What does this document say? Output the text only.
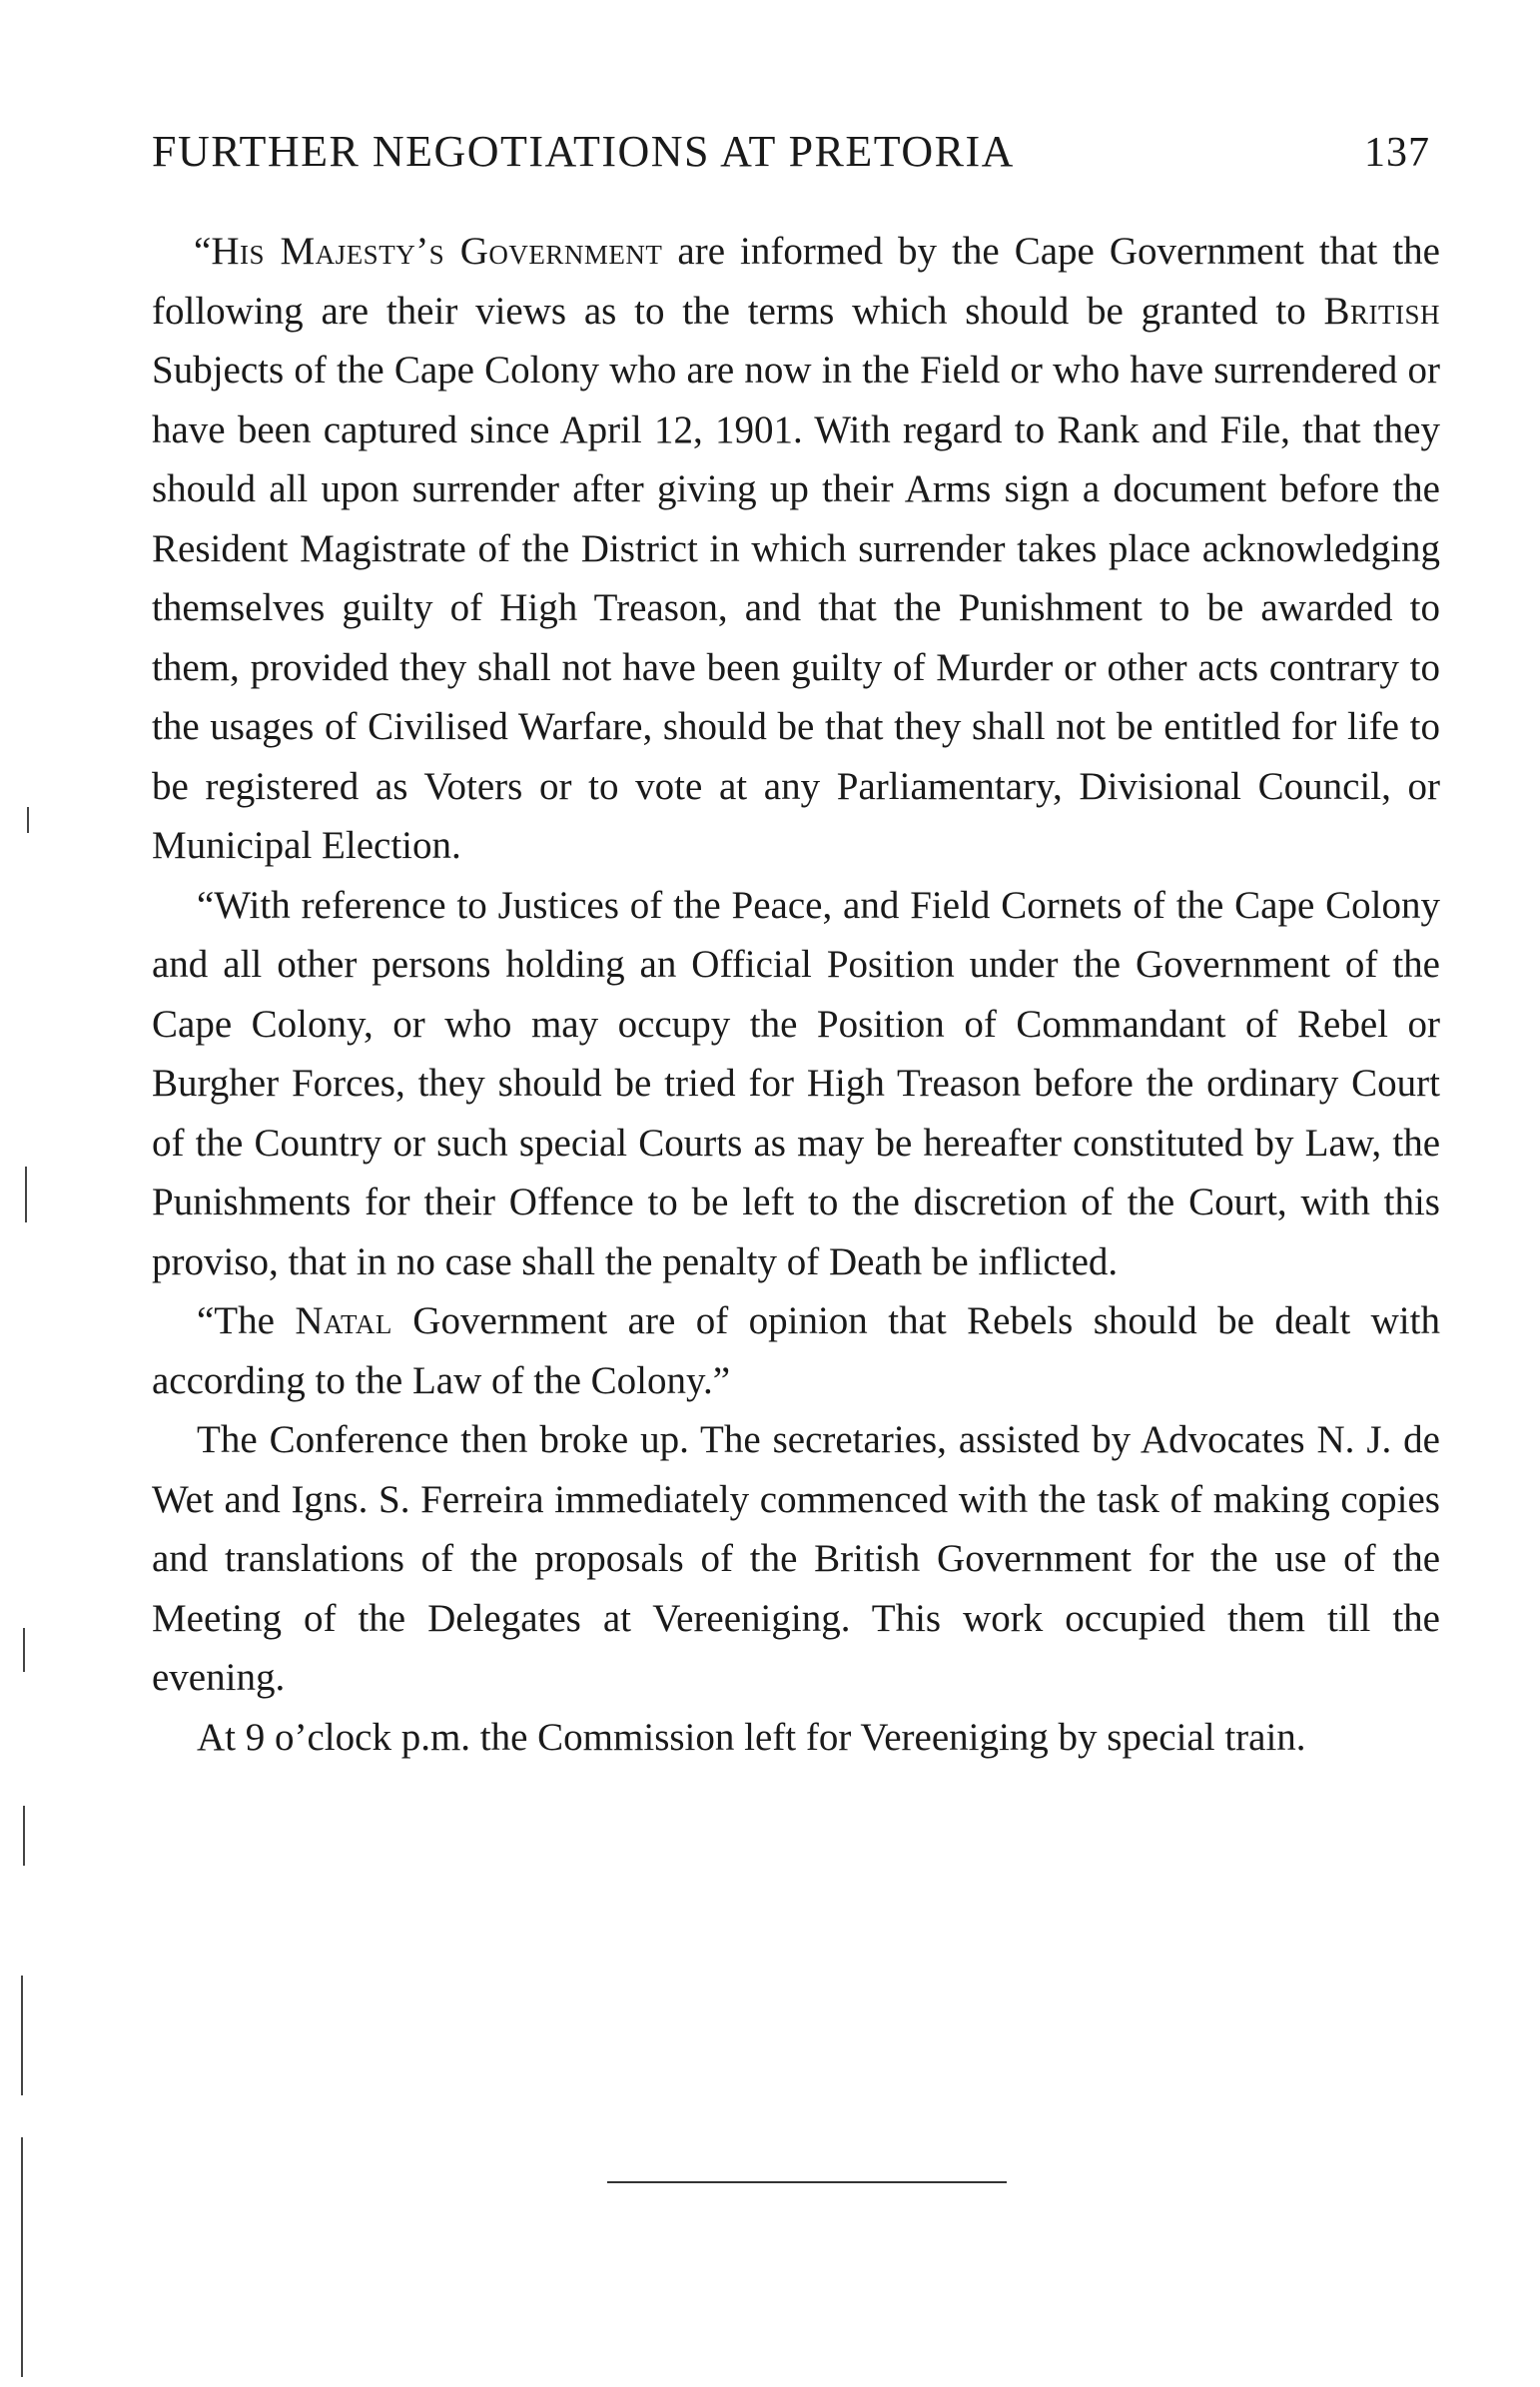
FURTHER NEGOTIATIONS AT PRETORIA	137

“His Majesty’s Government are informed by the Cape Government that the following are their views as to the terms which should be granted to British Subjects of the Cape Colony who are now in the Field or who have surrendered or have been captured since April 12, 1901. With regard to Rank and File, that they should all upon surrender after giving up their Arms sign a document before the Resident Magistrate of the District in which surrender takes place acknowledging themselves guilty of High Treason, and that the Punishment to be awarded to them, provided they shall not have been guilty of Murder or other acts contrary to the usages of Civilised Warfare, should be that they shall not be entitled for life to be registered as Voters or to vote at any Parliamentary, Divisional Council, or Municipal Election.

“With reference to Justices of the Peace, and Field Cornets of the Cape Colony and all other persons holding an Official Position under the Government of the Cape Colony, or who may occupy the Position of Commandant of Rebel or Burgher Forces, they should be tried for High Treason before the ordinary Court of the Country or such special Courts as may be hereafter constituted by Law, the Punishments for their Offence to be left to the discretion of the Court, with this proviso, that in no case shall the penalty of Death be inflicted.

“The Natal Government are of opinion that Rebels should be dealt with according to the Law of the Colony.”

The Conference then broke up. The secretaries, assisted by Advocates N. J. de Wet and Igns. S. Ferreira immediately commenced with the task of making copies and translations of the proposals of the British Government for the use of the Meeting of the Delegates at Vereeniging. This work occupied them till the evening.

At 9 o’clock p.m. the Commission left for Vereeniging by special train.
